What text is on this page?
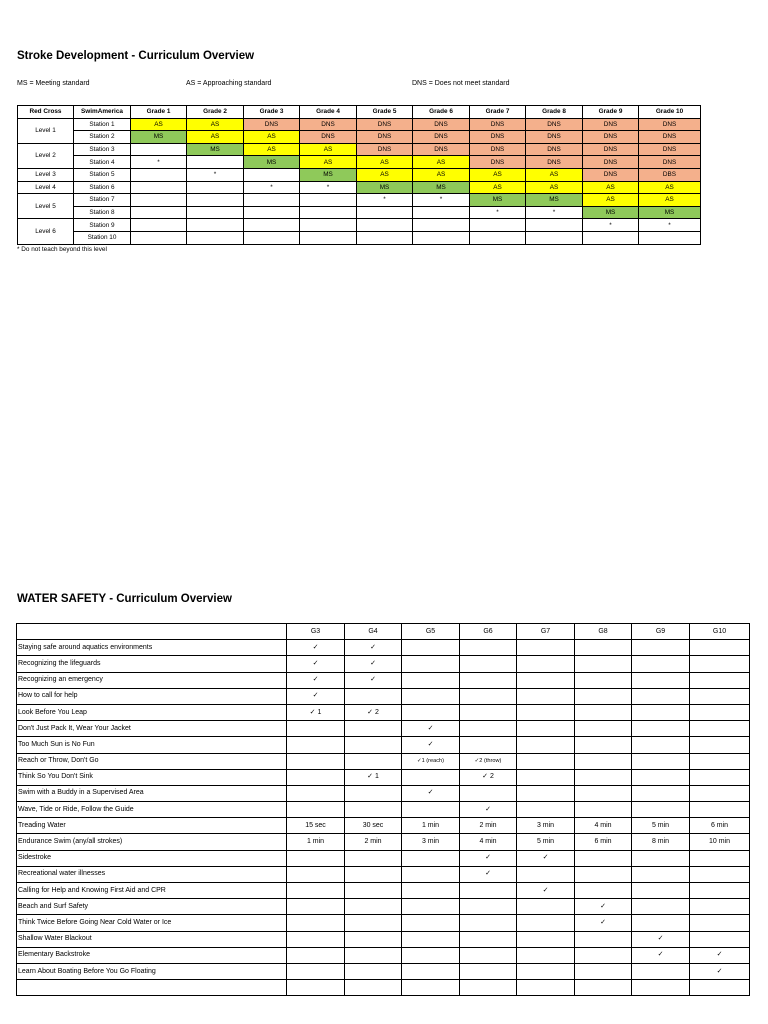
Stroke Development - Curriculum Overview
MS = Meeting standard	AS = Approaching standard	DNS = Does not meet standard
Red Cross	SwimAmerica	Grade 1	Grade 2	Grade 3	Grade 4	Grade 5	Grade 6	Grade 7	Grade 8	Grade 9	Grade 10
Level 1	Station 1	AS	AS	DNS	DNS	DNS	DNS	DNS	DNS	DNS	DNS
	Station 2	MS	AS	AS	DNS	DNS	DNS	DNS	DNS	DNS	DNS
Level 2	Station 3		MS	AS	AS	DNS	DNS	DNS	DNS	DNS	DNS
	Station 4	*		MS	AS	AS	AS	DNS	DNS	DNS	DNS
Level 3	Station 5		*		MS	AS	AS	AS	AS	DNS	DBS
Level 4	Station 6			*	*	MS	MS	AS	AS	AS	AS
Level 5	Station 7					*	*	MS	MS	AS	AS
	Station 8							*	*	MS	MS
Level 6	Station 9									*	*
	Station 10										
* Do not teach beyond this level
WATER SAFETY - Curriculum Overview
	G3	G4	G5	G6	G7	G8	G9	G10
Staying safe around aquatics environments	✓	✓						
Recognizing the lifeguards	✓	✓						
Recognizing an emergency	✓	✓						
How to call for help	✓							
Look Before You Leap	✓ 1	✓ 2						
Don't Just Pack It, Wear Your Jacket			✓					
Too Much Sun is No Fun			✓					
Reach or Throw, Don't Go			✓1 (reach)	✓2 (throw)				
Think So You Don't Sink		✓ 1		✓ 2				
Swim with a Buddy in a Supervised Area			✓					
Wave, Tide or Ride, Follow the Guide				✓				
Treading Water	15 sec	30 sec	1 min	2 min	3 min	4 min	5 min	6 min
Endurance Swim (any/all strokes)	1 min	2 min	3 min	4 min	5 min	6 min	8 min	10 min
Sidestroke				✓	✓			
Recreational water illnesses				✓				
Calling for Help and Knowing First Aid and CPR					✓			
Beach and Surf Safety						✓		
Think Twice Before Going Near Cold Water or Ice						✓		
Shallow Water Blackout							✓	
Elementary Backstroke							✓	✓
Learn About Boating Before You Go Floating								✓
